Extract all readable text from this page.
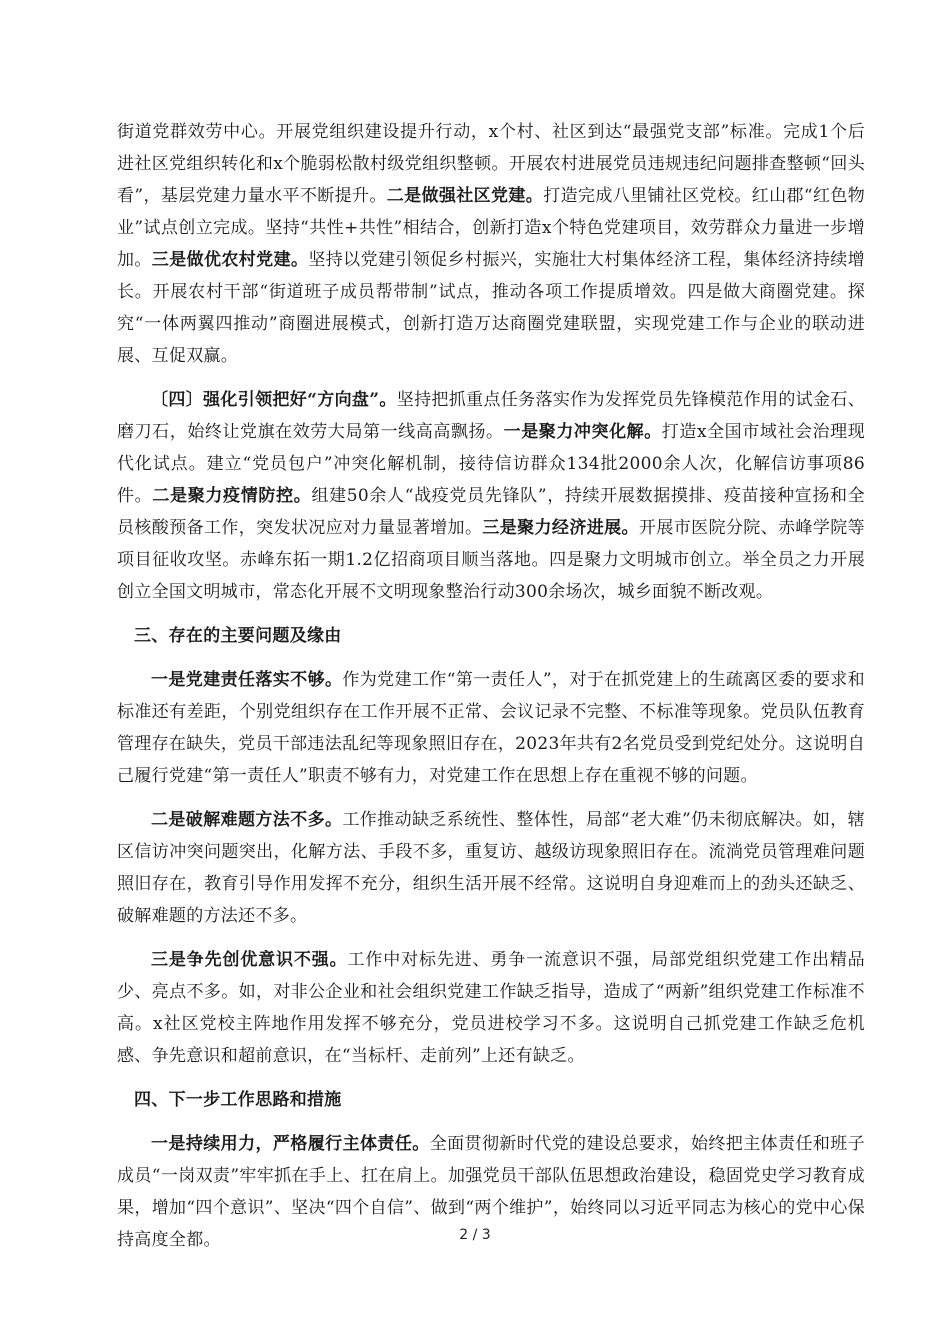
街道党群效劳中心。开展党组织建设提升行动，x个村、社区到达“最强党支部”标准。完成1个后进社区党组织转化和x个脆弱松散村级党组织整顿。开展农村进展党员违规违纪问题排查整顿“回头看”，基层党建力量水平不断提升。二是做强社区党建。打造完成八里铺社区党校。红山郡“红色物业”试点创立完成。坚持“共性+共性”相结合，创新打造x个特色党建项目，效劳群众力量进一步增加。三是做优农村党建。坚持以党建引领促乡村振兴，实施壮大村集体经济工程，集体经济持续增长。开展农村干部“街道班子成员帮带制”试点，推动各项工作提质增效。四是做大商圈党建。探究“一体两翼四推动”商圈进展模式，创新打造万达商圈党建联盟，实现党建工作与企业的联动进展、互促双赢。

〔四〕强化引领把好“方向盘”。坚持把抓重点任务落实作为发挥党员先锋模范作用的试金石、磨刀石，始终让党旗在效劳大局第一线高高飘扬。一是聚力冲突化解。打造x全国市域社会治理现代化试点。建立“党员包户”冲突化解机制，接待信访群众134批2000余人次，化解信访事项86件。二是聚力疫情防控。组建50余人“战疫党员先锋队”，持续开展数据摸排、疫苗接种宣扬和全员核酸预备工作，突发状况应对力量显著增加。三是聚力经济进展。开展市医院分院、赤峰学院等项目征收攻坚。赤峰东拓一期1.2亿招商项目顺当落地。四是聚力文明城市创立。举全员之力开展创立全国文明城市，常态化开展不文明现象整治行动300余场次，城乡面貌不断改观。

三、存在的主要问题及缘由

一是党建责任落实不够。作为党建工作“第一责任人”，对于在抓党建上的生疏离区委的要求和标准还有差距，个别党组织存在工作开展不正常、会议记录不完整、不标准等现象。党员队伍教育管理存在缺失，党员干部违法乱纪等现象照旧存在，2023年共有2名党员受到党纪处分。这说明自己履行党建“第一责任人”职责不够有力，对党建工作在思想上存在重视不够的问题。

二是破解难题方法不多。工作推动缺乏系统性、整体性，局部“老大难”仍未彻底解决。如，辖区信访冲突问题突出，化解方法、手段不多，重复访、越级访现象照旧存在。流淌党员管理难问题照旧存在，教育引导作用发挥不充分，组织生活开展不经常。这说明自身迎难而上的劲头还缺乏、破解难题的方法还不多。

三是争先创优意识不强。工作中对标先进、勇争一流意识不强，局部党组织党建工作出精品少、亮点不多。如，对非公企业和社会组织党建工作缺乏指导，造成了“两新”组织党建工作标准不高。x社区党校主阵地作用发挥不够充分，党员进校学习不多。这说明自己抓党建工作缺乏危机感、争先意识和超前意识，在“当标杆、走前列”上还有缺乏。

四、下一步工作思路和措施

一是持续用力，严格履行主体责任。全面贯彻新时代党的建设总要求，始终把主体责任和班子成员“一岗双责”牢牢抓在手上、扛在肩上。加强党员干部队伍思想政治建设，稳固党史学习教育成果，增加“四个意识”、坚决“四个自信”、做到“两个维护”，始终同以习近平同志为核心的党中心保持高度全都。	2 / 3
